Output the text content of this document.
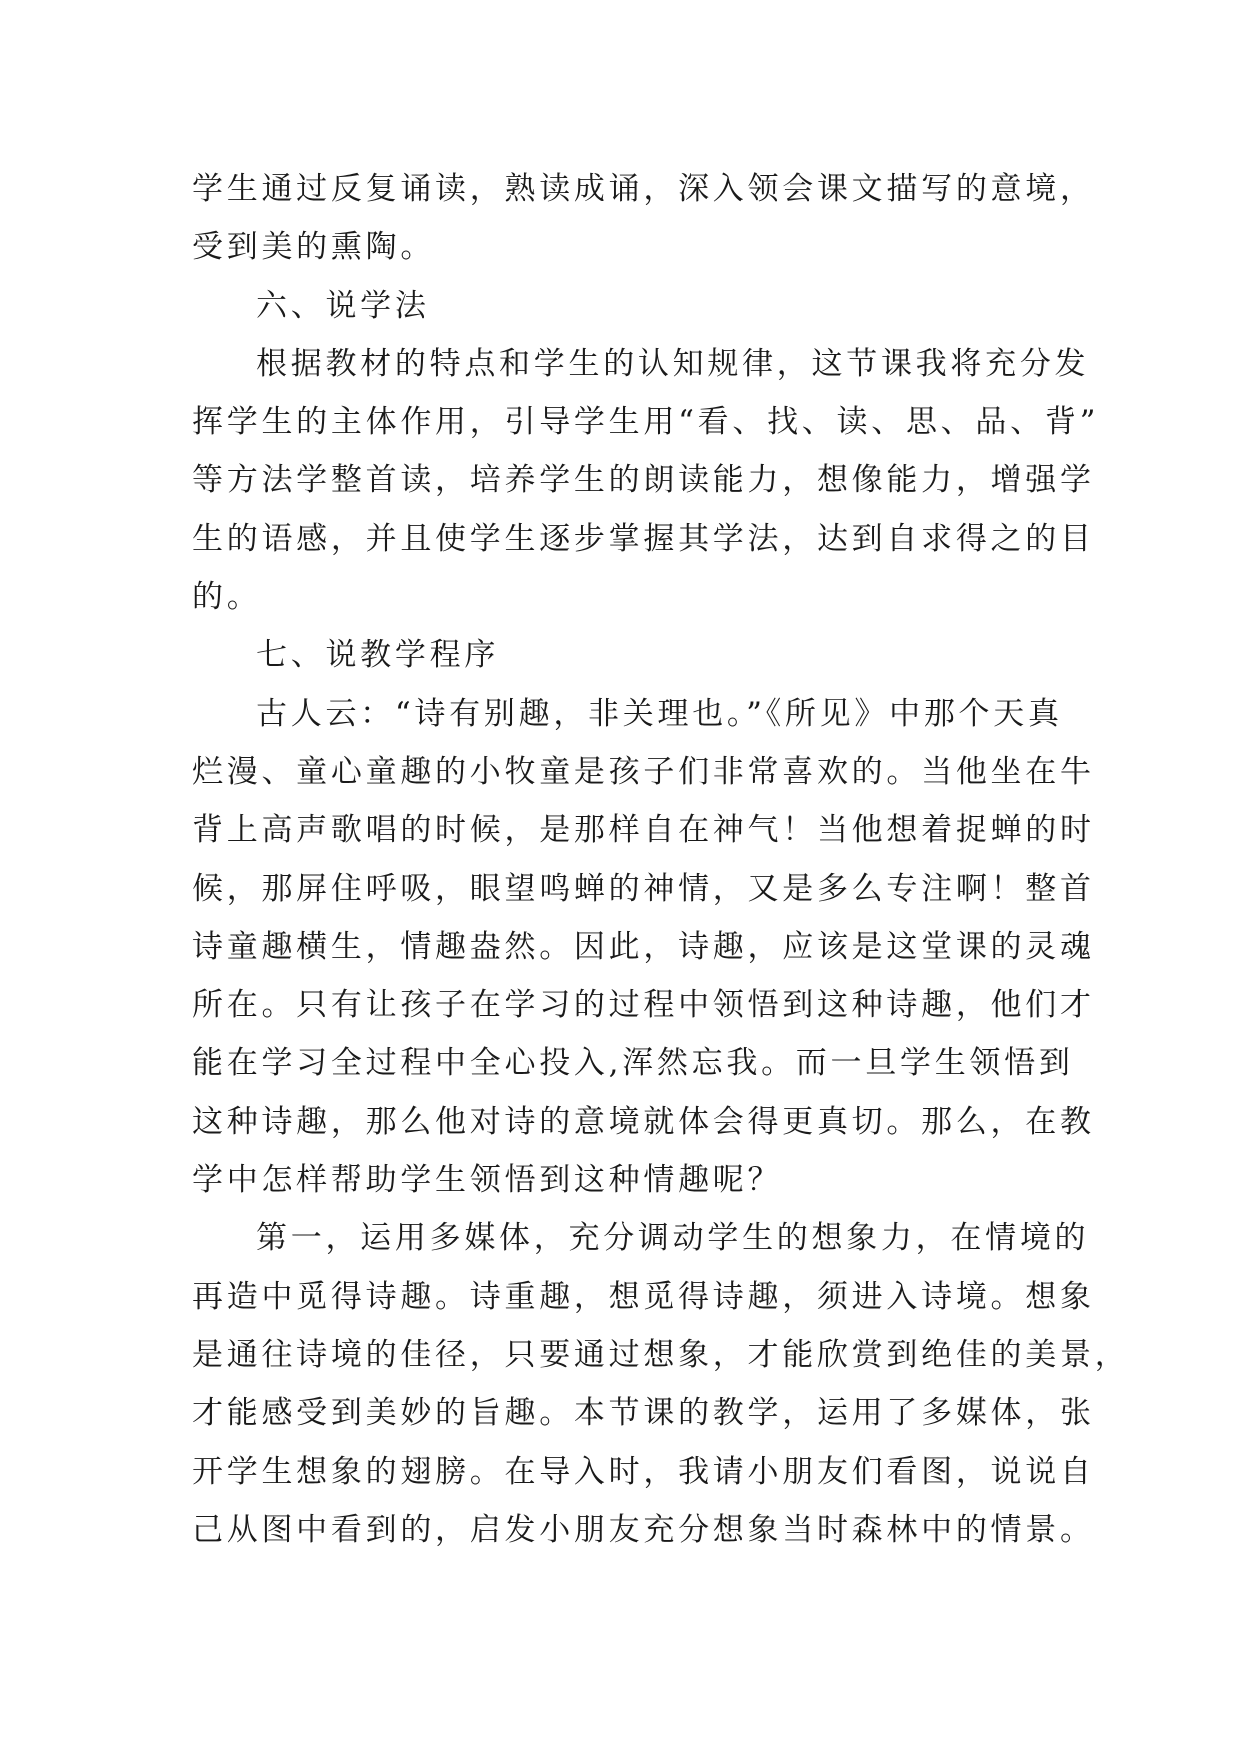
学生通过反复诵读，熟读成诵，深入领会课文描写的意境，
受到美的熏陶。
六、说学法
根据教材的特点和学生的认知规律，这节课我将充分发
挥学生的主体作用，引导学生用“看、找、读、思、品、背”
等方法学整首读，培养学生的朗读能力，想像能力，增强学
生的语感，并且使学生逐步掌握其学法，达到自求得之的目
的。
七、说教学程序
古人云：“诗有别趣，非关理也。”《所见》中那个天真
烂漫、童心童趣的小牧童是孩子们非常喜欢的。当他坐在牛
背上高声歌唱的时候，是那样自在神气！当他想着捉蝉的时
候，那屏住呼吸，眼望鸣蝉的神情，又是多么专注啊！整首
诗童趣横生，情趣盎然。因此，诗趣，应该是这堂课的灵魂
所在。只有让孩子在学习的过程中领悟到这种诗趣，他们才
能在学习全过程中全心投入,浑然忘我。而一旦学生领悟到
这种诗趣，那么他对诗的意境就体会得更真切。那么，在教
学中怎样帮助学生领悟到这种情趣呢？
第一，运用多媒体，充分调动学生的想象力，在情境的
再造中觅得诗趣。诗重趣，想觅得诗趣，须进入诗境。想象
是通往诗境的佳径，只要通过想象，才能欣赏到绝佳的美景，
才能感受到美妙的旨趣。本节课的教学，运用了多媒体，张
开学生想象的翅膀。在导入时，我请小朋友们看图，说说自
己从图中看到的，启发小朋友充分想象当时森林中的情景。
